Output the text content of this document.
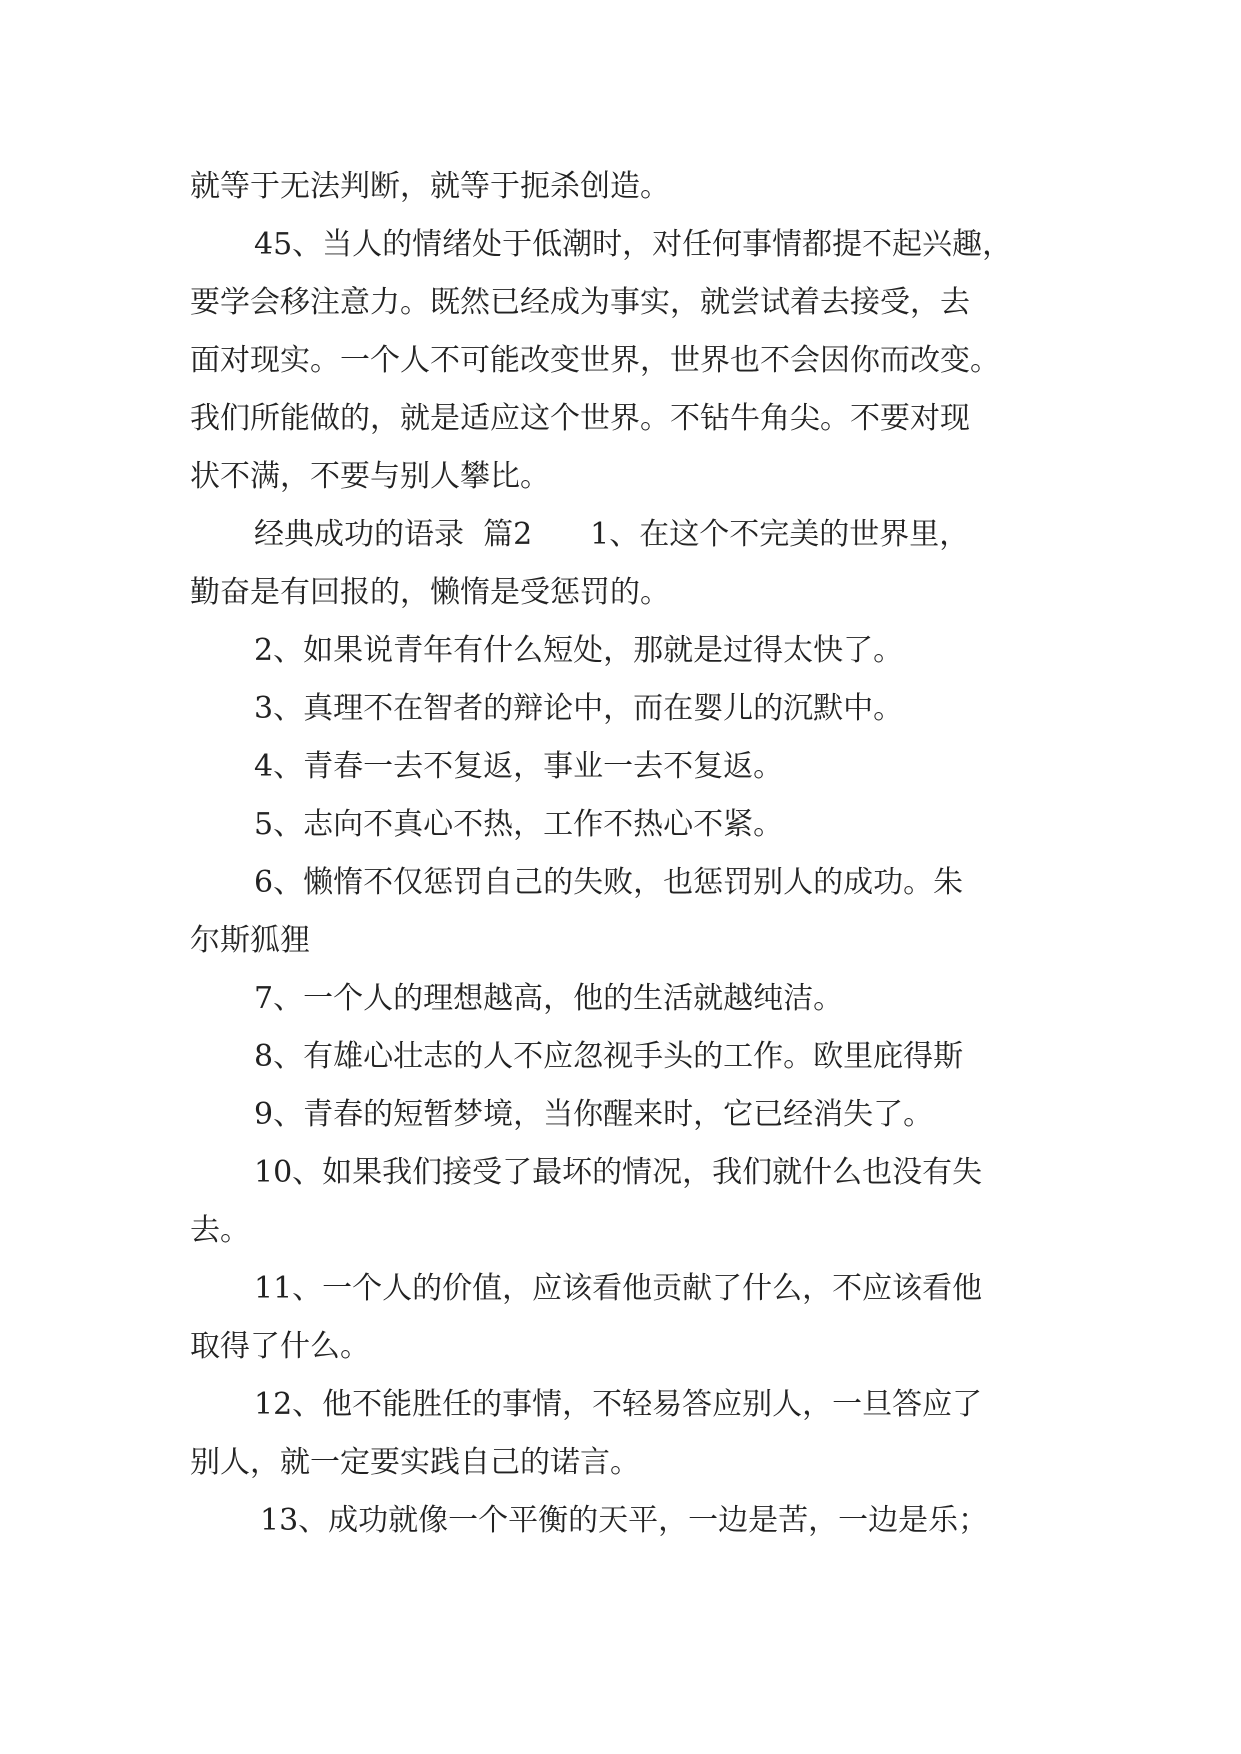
就等于无法判断，就等于扼杀创造。

45、当人的情绪处于低潮时，对任何事情都提不起兴趣，
要学会移注意力。既然已经成为事实，就尝试着去接受，去
面对现实。一个人不可能改变世界，世界也不会因你而改变。
我们所能做的，就是适应这个世界。不钻牛角尖。不要对现
状不满，不要与别人攀比。

经典成功的语录  篇2 1、在这个不完美的世界里，
勤奋是有回报的，懒惰是受惩罚的。

2、如果说青年有什么短处，那就是过得太快了。

3、真理不在智者的辩论中，而在婴儿的沉默中。

4、青春一去不复返，事业一去不复返。

5、志向不真心不热，工作不热心不紧。

6、懒惰不仅惩罚自己的失败，也惩罚别人的成功。朱
尔斯狐狸

7、一个人的理想越高，他的生活就越纯洁。

8、有雄心壮志的人不应忽视手头的工作。欧里庇得斯

9、青春的短暂梦境，当你醒来时，它已经消失了。

10、如果我们接受了最坏的情况，我们就什么也没有失
去。

11、一个人的价值，应该看他贡献了什么，不应该看他
取得了什么。

12、他不能胜任的事情，不轻易答应别人，一旦答应了
别人，就一定要实践自己的诺言。

13、成功就像一个平衡的天平，一边是苦，一边是乐；
